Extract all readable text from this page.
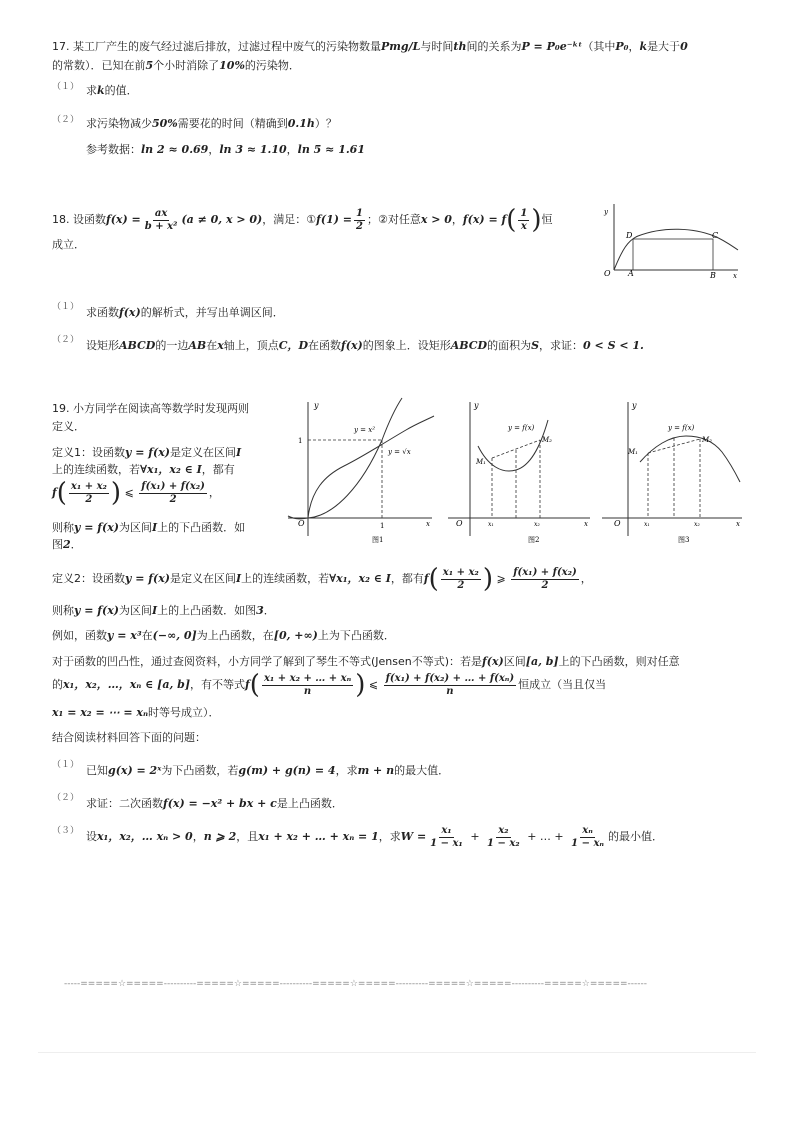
17. 某工厂产生的废气经过滤后排放，过滤过程中废气的污染物数量Pmg/L与时间th间的关系为P = P₀e⁻ᵏᵗ（其中P₀，k是大于0
的常数）．已知在前5个小时消除了10%的污染物．
（１） 求k的值．
（２） 求污染物减少50%需要花的时间（精确到0.1h）？
参考数据：ln 2 ≈ 0.69，ln 3 ≈ 1.10，ln 5 ≈ 1.61
18. 设函数$f(x) = \frac{ax}{\text{b + x²}} (a \ne 0$, x > 0)，满足：①f(1) = $\frac{1}{2}$ ；②对任意x > 0，$f(x) = f( \frac{1}{x}$ )恒
成立．
y
x
O A	B
D	C
（１） 求函数f(x)的解析式，并写出单调区间．
（２） 设矩形ABCD的一边AB在x轴上，顶点C，D在函数f(x)的图象上．设矩形ABCD的面积为S，求证：0 < S < 1.
19. 小方同学在阅读高等数学时发现两则
定义．
定义1：设函数y = f(x)是定义在区间I
上的连续函数，若∀x₁，x₂ ∈ I，都有
$f( \frac{\text{x₁ + x₂}}{2}$ ) ⩽ $\frac{\text{f(x₁) + f(x₂)}}{2}$ ，
则称y = f(x)为区间I上的下凸函数．如
图2．
y
x
O
1
1
y = x²
y = √x
图1
y
x
O	x₁	x₂
M₁
M₂
y = f(x)
图2
y
x
O	x₁	x₂
M₁
M₂
y = f(x)
图3
定义2：设函数y = f(x)是定义在区间I上的连续函数，若∀x₁，x₂ ∈ I，都有$f( \frac{\text{x₁ + x₂}}{2}$ ) ⩾ $\frac{\text{f(x₁) + f(x₂)}}{2}$ ，
则称y = f(x)为区间I上的上凸函数．如图3．
例如，函数y = x³在(−∞, 0]为上凸函数，在[0, +∞)上为下凸函数．
对于函数的凹凸性，通过查阅资料，小方同学了解到了琴生不等式(Jensen不等式)：若是f(x)区间[a, b]上的下凸函数，则对任意
的x₁，x₂，…，xₙ ∈ [a, b]，有不等式$f( \frac{\text{x₁ + x₂ + … + xₙ}}{n}$ ) ⩽ $\frac{\text{f(x₁) + f(x₂) + … + f(xₙ)}}{n}$ 恒成立（当且仅当
x₁ = x₂ = ⋯ = xₙ时等号成立）．
结合阅读材料回答下面的问题：
（１） 已知g(x) = 2ˣ为下凸函数，若g(m) + g(n) = 4，求m + n的最大值．
（２） 求证：二次函数f(x) = −x² + bx + c是上凸函数．
（３） 设x₁，x₂，… xₙ > 0，n ⩾ 2，且x₁ + x₂ + … + xₙ = 1，求$W = \frac{\text{x₁}}{\text{1 − x₁}} + \frac{\text{x₂}}{\text{1 − x₂}}$ + … + $\frac{\text{xₙ}}{\text{1 − xₙ}}$ 的最小值．
-----=====☆=====----------=====☆=====----------=====☆=====----------=====☆=====----------=====☆=====------
